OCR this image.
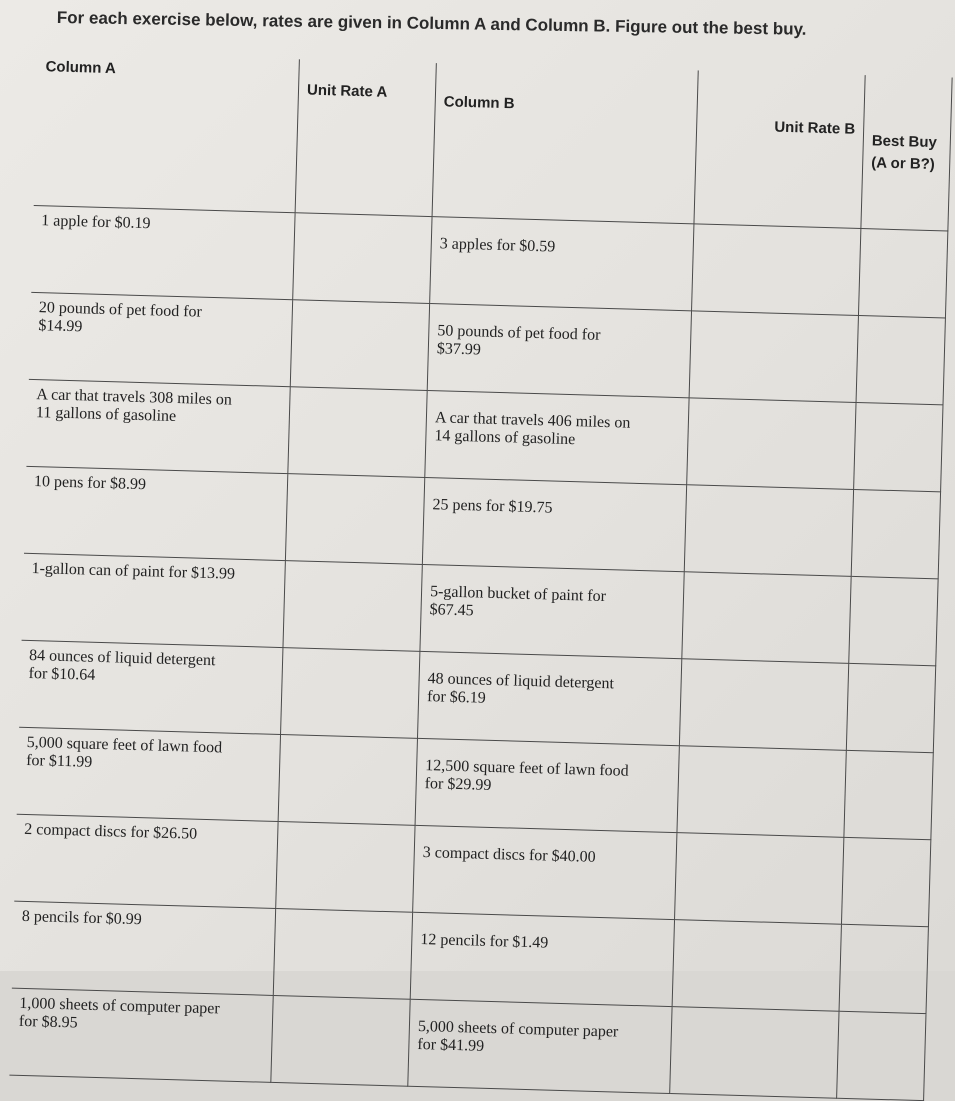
For each exercise below, rates are given in Column A and Column B. Figure out the best buy.
Column A	Unit Rate A	Column B	Unit Rate B	Best Buy
(A or B?)

1 apple for $0.19		3 apples for $0.59		

20 pounds of pet food for
$14.99		50 pounds of pet food for
$37.99		

A car that travels 308 miles on
11 gallons of gasoline		A car that travels 406 miles on
14 gallons of gasoline		

10 pens for $8.99		25 pens for $19.75		

1-gallon can of paint for $13.99		5-gallon bucket of paint for
$67.45		

84 ounces of liquid detergent
for $10.64		48 ounces of liquid detergent
for $6.19		

5,000 square feet of lawn food
for $11.99		12,500 square feet of lawn food
for $29.99		

2 compact discs for $26.50		3 compact discs for $40.00		

8 pencils for $0.99		12 pencils for $1.49		

1,000 sheets of computer paper
for $8.95		5,000 sheets of computer paper
for $41.99		
